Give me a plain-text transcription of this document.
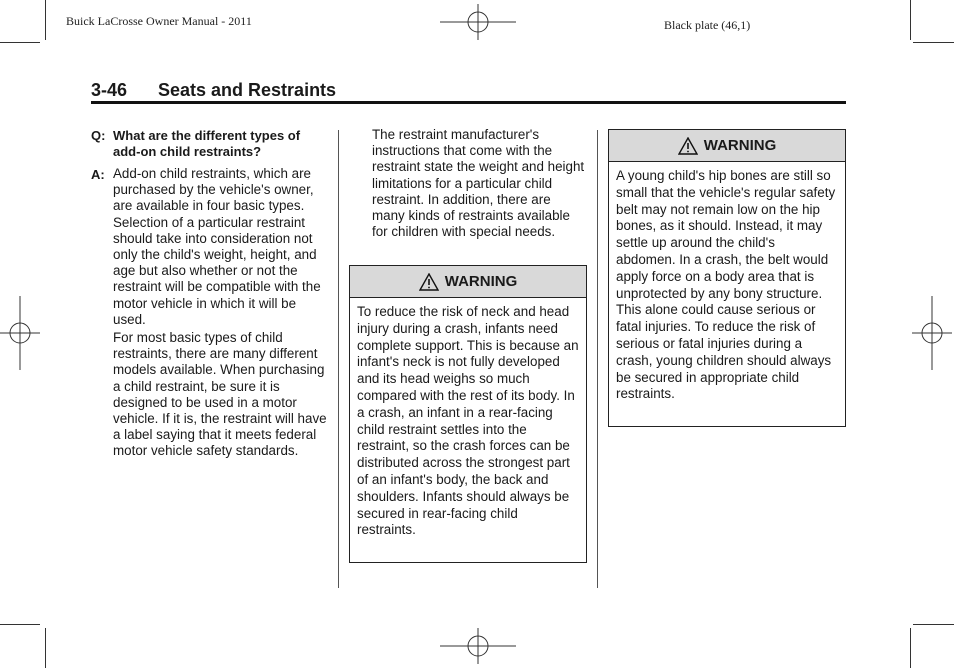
Buick LaCrosse Owner Manual - 2011	Black plate (46,1)
3-46 Seats and Restraints
Q: What are the different types of add-on child restraints?
A: Add-on child restraints, which are purchased by the vehicle's owner, are available in four basic types. Selection of a particular restraint should take into consideration not only the child's weight, height, and age but also whether or not the restraint will be compatible with the motor vehicle in which it will be used.
For most basic types of child restraints, there are many different models available. When purchasing a child restraint, be sure it is designed to be used in a motor vehicle. If it is, the restraint will have a label saying that it meets federal motor vehicle safety standards.
The restraint manufacturer's instructions that come with the restraint state the weight and height limitations for a particular child restraint. In addition, there are many kinds of restraints available for children with special needs.
WARNING
To reduce the risk of neck and head injury during a crash, infants need complete support. This is because an infant's neck is not fully developed and its head weighs so much compared with the rest of its body. In a crash, an infant in a rear-facing child restraint settles into the restraint, so the crash forces can be distributed across the strongest part of an infant's body, the back and shoulders. Infants should always be secured in rear-facing child restraints.
WARNING
A young child's hip bones are still so small that the vehicle's regular safety belt may not remain low on the hip bones, as it should. Instead, it may settle up around the child's abdomen. In a crash, the belt would apply force on a body area that is unprotected by any bony structure. This alone could cause serious or fatal injuries. To reduce the risk of serious or fatal injuries during a crash, young children should always be secured in appropriate child restraints.
